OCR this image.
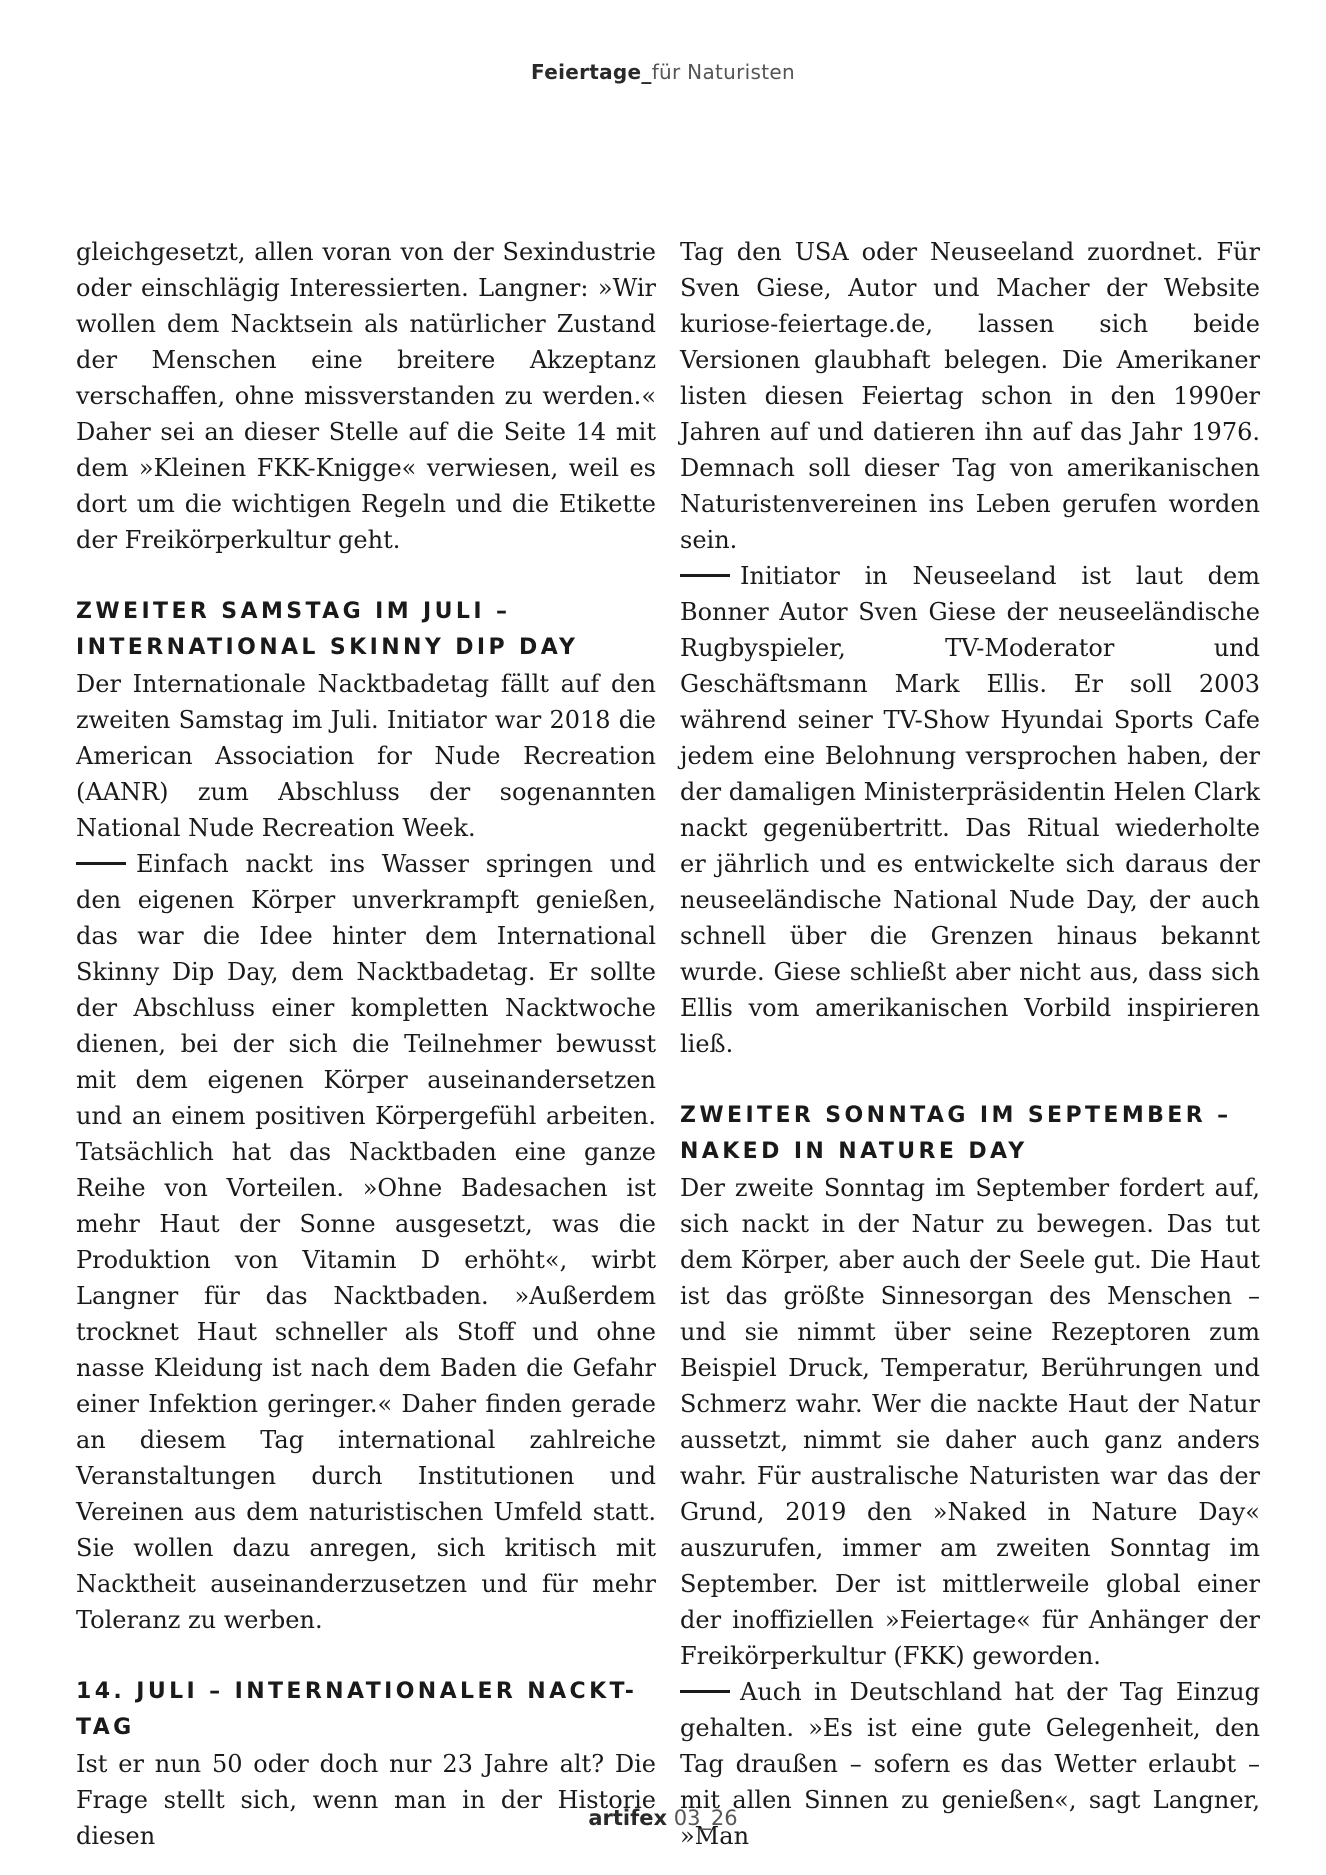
Feiertage_für Naturisten

gleichgesetzt, allen voran von der Sexindustrie oder einschlägig Interessierten. Langner: »Wir wollen dem Nacktsein als natürlicher Zustand der Menschen eine breitere Akzeptanz verschaffen, ohne missverstanden zu werden.« Daher sei an dieser Stelle auf die Seite 14 mit dem »Kleinen FKK-Knigge« verwiesen, weil es dort um die wichtigen Regeln und die Etikette der Freikörperkultur geht.

ZWEITER SAMSTAG IM JULI – INTERNATIONAL SKINNY DIP DAY

Der Internationale Nacktbadetag fällt auf den zweiten Samstag im Juli. Initiator war 2018 die American Association for Nude Recreation (AANR) zum Abschluss der sogenannten National Nude Recreation Week.

Einfach nackt ins Wasser springen und den eigenen Körper unverkrampft genießen, das war die Idee hinter dem International Skinny Dip Day, dem Nacktbadetag. Er sollte der Abschluss einer kompletten Nacktwoche dienen, bei der sich die Teilnehmer bewusst mit dem eigenen Körper auseinandersetzen und an einem positiven Körpergefühl arbeiten. Tatsächlich hat das Nacktbaden eine ganze Reihe von Vorteilen. »Ohne Badesachen ist mehr Haut der Sonne ausgesetzt, was die Produktion von Vitamin D erhöht«, wirbt Langner für das Nacktbaden. »Außerdem trocknet Haut schneller als Stoff und ohne nasse Kleidung ist nach dem Baden die Gefahr einer Infektion geringer.« Daher finden gerade an diesem Tag international zahlreiche Veranstaltungen durch Institutionen und Vereinen aus dem naturistischen Umfeld statt. Sie wollen dazu anregen, sich kritisch mit Nacktheit auseinanderzusetzen und für mehr Toleranz zu werben.

14. JULI – INTERNATIONALER NACKT-TAG

Ist er nun 50 oder doch nur 23 Jahre alt? Die Frage stellt sich, wenn man in der Historie diesen

Tag den USA oder Neuseeland zuordnet. Für Sven Giese, Autor und Macher der Website kuriose-feiertage.de, lassen sich beide Versionen glaubhaft belegen. Die Amerikaner listen diesen Feiertag schon in den 1990er Jahren auf und datieren ihn auf das Jahr 1976. Demnach soll dieser Tag von amerikanischen Naturistenvereinen ins Leben gerufen worden sein.

Initiator in Neuseeland ist laut dem Bonner Autor Sven Giese der neuseeländische Rugbyspieler, TV-Moderator und Geschäftsmann Mark Ellis. Er soll 2003 während seiner TV-Show Hyundai Sports Cafe jedem eine Belohnung versprochen haben, der der damaligen Ministerpräsidentin Helen Clark nackt gegenübertritt. Das Ritual wiederholte er jährlich und es entwickelte sich daraus der neuseeländische National Nude Day, der auch schnell über die Grenzen hinaus bekannt wurde. Giese schließt aber nicht aus, dass sich Ellis vom amerikanischen Vorbild inspirieren ließ.

ZWEITER SONNTAG IM SEPTEMBER – NAKED IN NATURE DAY

Der zweite Sonntag im September fordert auf, sich nackt in der Natur zu bewegen. Das tut dem Körper, aber auch der Seele gut. Die Haut ist das größte Sinnesorgan des Menschen – und sie nimmt über seine Rezeptoren zum Beispiel Druck, Temperatur, Berührungen und Schmerz wahr. Wer die nackte Haut der Natur aussetzt, nimmt sie daher auch ganz anders wahr. Für australische Naturisten war das der Grund, 2019 den »Naked in Nature Day« auszurufen, immer am zweiten Sonntag im September. Der ist mittlerweile global einer der inoffiziellen »Feiertage« für Anhänger der Freikörperkultur (FKK) geworden.

Auch in Deutschland hat der Tag Einzug gehalten. »Es ist eine gute Gelegenheit, den Tag draußen – sofern es das Wetter erlaubt – mit allen Sinnen zu genießen«, sagt Langner, »Man

artifex 03_26
